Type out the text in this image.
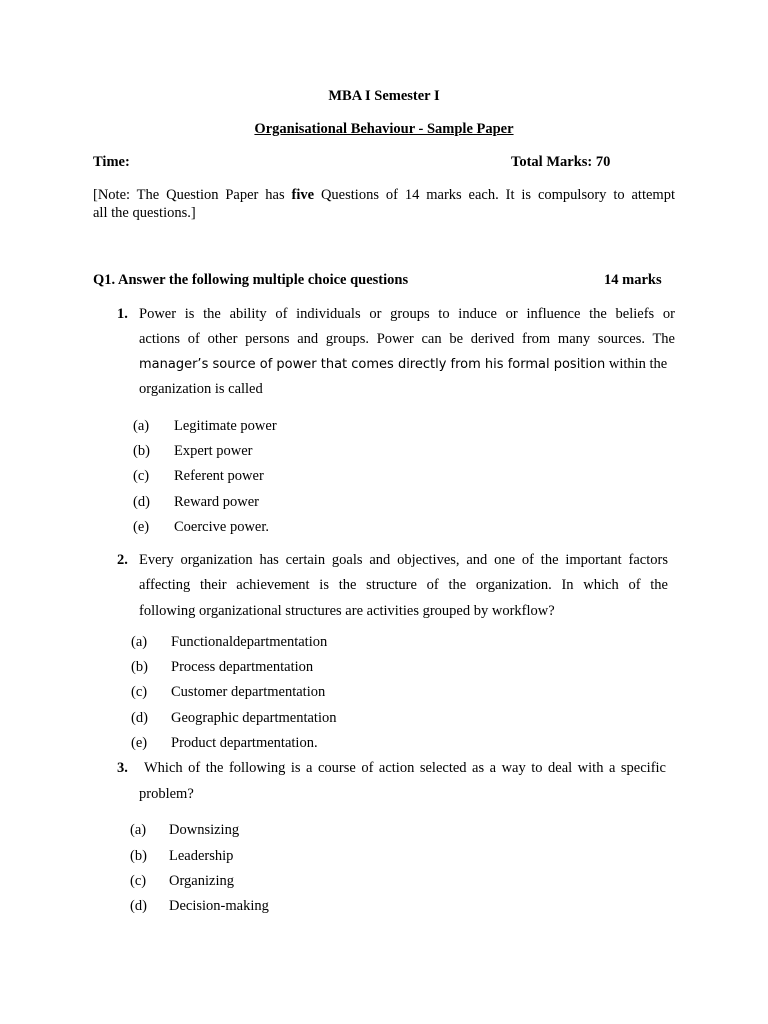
MBA I Semester I
Organisational Behaviour - Sample Paper
Time:	Total Marks: 70
[Note: The Question Paper has five Questions of 14 marks each. It is compulsory to attempt
all the questions.]
Q1. Answer the following multiple choice questions	14 marks
1. Power is the ability of individuals or groups to induce or influence the beliefs or
actions of other persons and groups. Power can be derived from many sources. The
manager’s source of power that comes directly from his formal position within the
organization is called
(a) Legitimate power
(b) Expert power
(c) Referent power
(d) Reward power
(e) Coercive power.
2. Every organization has certain goals and objectives, and one of the important factors
affecting their achievement is the structure of the organization. In which of the
following organizational structures are activities grouped by workflow?
(a) Functionaldepartmentation
(b) Process departmentation
(c) Customer departmentation
(d) Geographic departmentation
(e) Product departmentation.
3. Which of the following is a course of action selected as a way to deal with a specific
problem?
(a) Downsizing
(b) Leadership
(c) Organizing
(d) Decision-making
